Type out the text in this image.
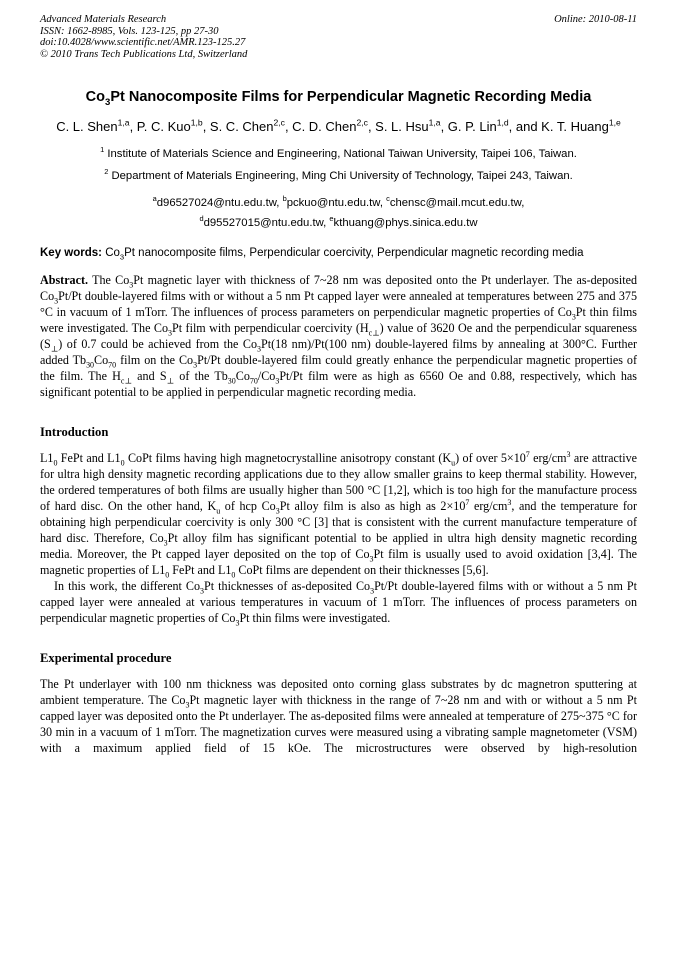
Advanced Materials Research
ISSN: 1662-8985, Vols. 123-125, pp 27-30
doi:10.4028/www.scientific.net/AMR.123-125.27
© 2010 Trans Tech Publications Ltd, Switzerland
Online: 2010-08-11
$Co_3Pt$ Nanocomposite Films for Perpendicular Magnetic Recording Media
C. L. Shen$^{1,a}$, P. C. Kuo$^{1,b}$, S. C. Chen$^{2,c}$, C. D. Chen$^{2,c}$, S. L. Hsu$^{1,a}$, G. P. Lin$^{1,d}$, and K. T. Huang$^{1,e}$
$^1$ Institute of Materials Science and Engineering, National Taiwan University, Taipei 106, Taiwan.
$^2$ Department of Materials Engineering, Ming Chi University of Technology, Taipei 243, Taiwan.
$^a$d96527024@ntu.edu.tw, $^b$pckuo@ntu.edu.tw, $^c$chensc@mail.mcut.edu.tw,
$^d$d95527015@ntu.edu.tw, $^e$kthuang@phys.sinica.edu.tw

Key words: $Co_3Pt$ nanocomposite films, Perpendicular coercivity, Perpendicular magnetic recording media

Abstract. The $Co_3Pt$ magnetic layer with thickness of 7~28 nm was deposited onto the Pt underlayer. The as-deposited $Co_3Pt/Pt$ double-layered films with or without a 5 nm Pt capped layer were annealed at temperatures between 275 and 375 °C in vacuum of 1 mTorr. The influences of process parameters on perpendicular magnetic properties of $Co_3Pt$ thin films were investigated. The $Co_3Pt$ film with perpendicular coercivity $(H_{c\perp})$ value of 3620 Oe and the perpendicular squareness $(S_\perp)$ of 0.7 could be achieved from the $Co_3Pt(18$ nm)/Pt(100 nm) double-layered films by annealing at 300°C. Further added $Tb_{30}Co_{70}$ film on the $Co_3Pt/Pt$ double-layered film could greatly enhance the perpendicular magnetic properties of the film. The $H_{c\perp}$ and $S_\perp$ of the $Tb_{30}Co_{70}/Co_3Pt/Pt$ film were as high as 6560 Oe and 0.88, respectively, which has significant potential to be applied in perpendicular magnetic recording media.

Introduction

$L1_0$ FePt and $L1_0$ CoPt films having high magnetocrystalline anisotropy constant $(K_u)$ of over $5\times 10^7$ erg/$cm^3$ are attractive for ultra high density magnetic recording applications due to they allow smaller grains to keep thermal stability. However, the ordered temperatures of both films are usually higher than 500 °C [1,2], which is too high for the manufacture process of hard disc. On the other hand, $K_u$ of hcp $Co_3Pt$ alloy film is also as high as $2\times 10^7$ erg/$cm^3$, and the temperature for obtaining high perpendicular coercivity is only 300 °C [3] that is consistent with the current manufacture temperature of hard disc. Therefore, $Co_3Pt$ alloy film has significant potential to be applied in ultra high density magnetic recording media. Moreover, the Pt capped layer deposited on the top of $Co_3Pt$ film is usually used to avoid oxidation [3,4]. The magnetic properties of $L1_0$ FePt and $L1_0$ CoPt films are dependent on their thicknesses [5,6].

In this work, the different $Co_3Pt$ thicknesses of as-deposited $Co_3Pt/Pt$ double-layered films with or without a 5 nm Pt capped layer were annealed at various temperatures in vacuum of 1 mTorr. The influences of process parameters on perpendicular magnetic properties of $Co_3Pt$ thin films were investigated.

Experimental procedure

The Pt underlayer with 100 nm thickness was deposited onto corning glass substrates by dc magnetron sputtering at ambient temperature. The $Co_3Pt$ magnetic layer with thickness in the range of 7~28 nm and with or without a 5 nm Pt capped layer was deposited onto the Pt underlayer. The as-deposited films were annealed at temperature of 275~375 °C for 30 min in a vacuum of 1 mTorr. The magnetization curves were measured using a vibrating sample magnetometer (VSM) with a maximum applied field of 15 kOe. The microstructures were observed by high-resolution
